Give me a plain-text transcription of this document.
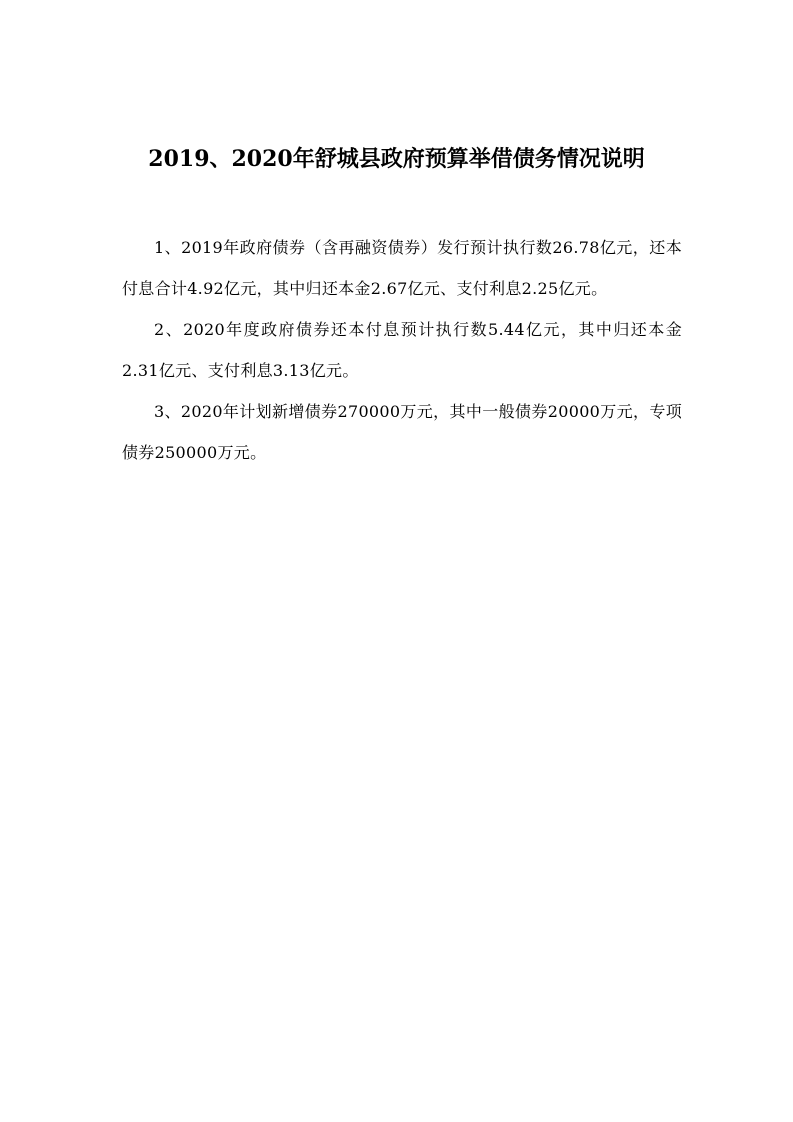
2019、2020年舒城县政府预算举借债务情况说明

1、2019年政府债券（含再融资债券）发行预计执行数26.78亿元，还本付息合计4.92亿元，其中归还本金2.67亿元、支付利息2.25亿元。

2、2020年度政府债券还本付息预计执行数5.44亿元，其中归还本金2.31亿元、支付利息3.13亿元。

3、2020年计划新增债券270000万元，其中一般债券20000万元，专项债券250000万元。
